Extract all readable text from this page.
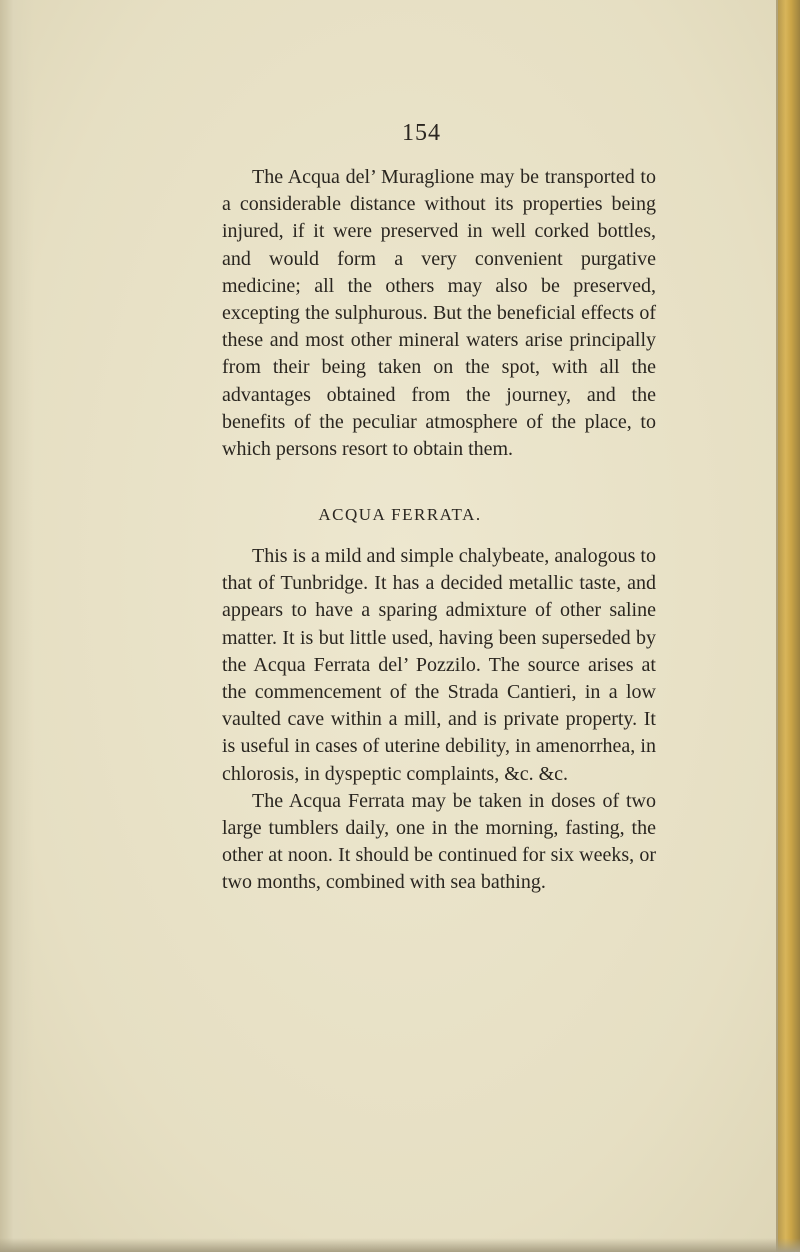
154

The Acqua del’ Muraglione may be transported to a considerable distance without its properties being injured, if it were preserved in well corked bottles, and would form a very convenient purgative medicine; all the others may also be preserved, excepting the sulphurous. But the beneficial effects of these and most other mineral waters arise principally from their being taken on the spot, with all the advantages obtained from the journey, and the benefits of the peculiar atmosphere of the place, to which persons resort to obtain them.

ACQUA FERRATA.

This is a mild and simple chalybeate, analogous to that of Tunbridge. It has a decided metallic taste, and appears to have a sparing admixture of other saline matter. It is but little used, having been superseded by the Acqua Ferrata del’ Pozzilo. The source arises at the commencement of the Strada Cantieri, in a low vaulted cave within a mill, and is private property. It is useful in cases of uterine debility, in amenorrhea, in chlorosis, in dyspeptic complaints, &c. &c.

The Acqua Ferrata may be taken in doses of two large tumblers daily, one in the morning, fasting, the other at noon. It should be continued for six weeks, or two months, combined with sea bathing.
